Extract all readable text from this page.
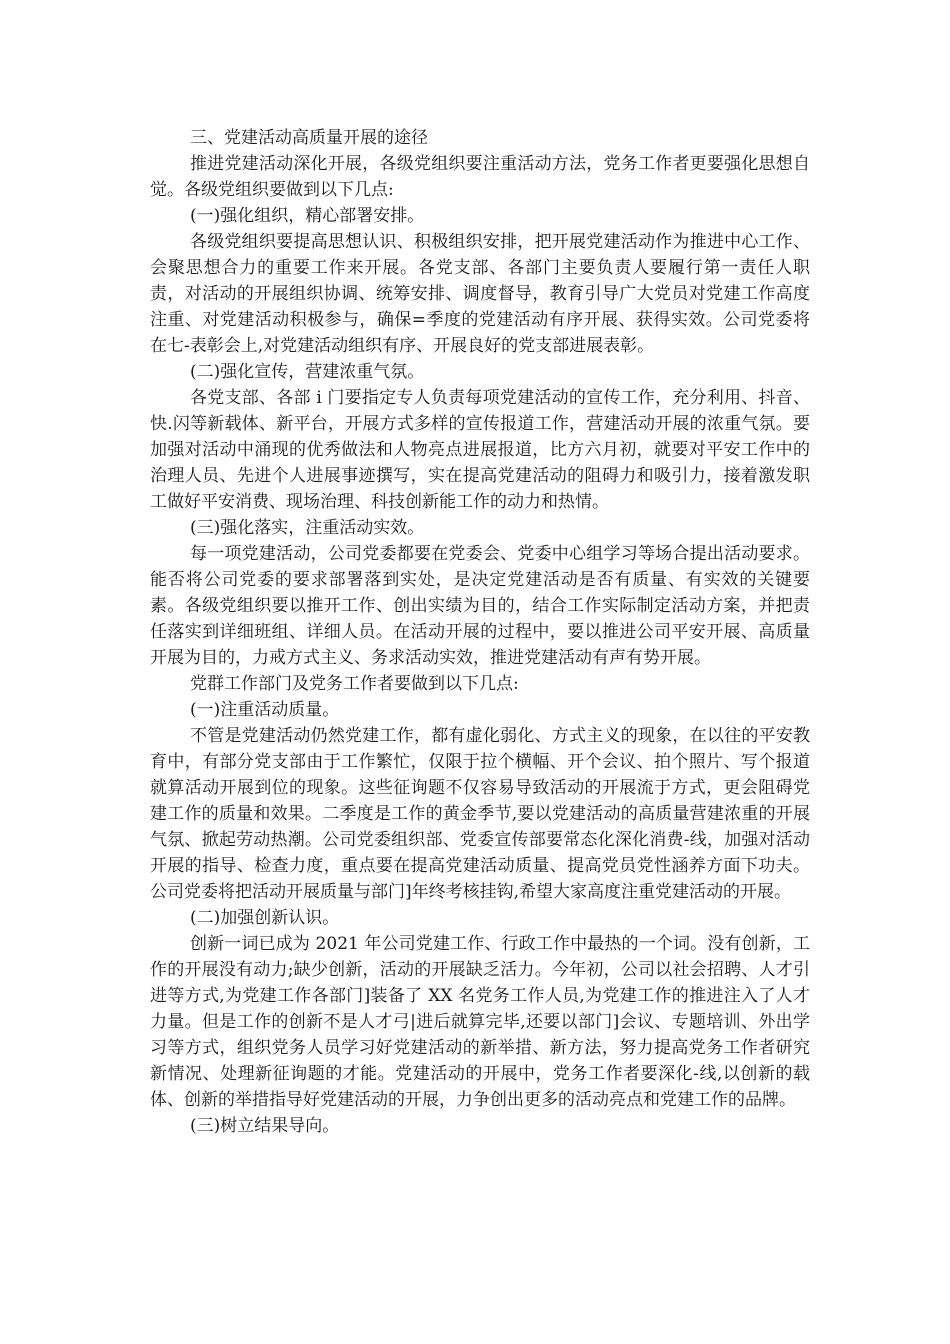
三、党建活动高质量开展的途径

推进党建活动深化开展，各级党组织要注重活动方法，党务工作者更要强化思想自觉。各级党组织要做到以下几点:

(一)强化组织，精心部署安排。

各级党组织要提高思想认识、积极组织安排，把开展党建活动作为推进中心工作、会聚思想合力的重要工作来开展。各党支部、各部门主要负责人要履行第一责任人职责，对活动的开展组织协调、统筹安排、调度督导，教育引导广大党员对党建工作高度注重、对党建活动积极参与，确保=季度的党建活动有序开展、获得实效。公司党委将在七-表彰会上,对党建活动组织有序、开展良好的党支部进展表彰。

(二)强化宣传，营建浓重气氛。

各党支部、各部 i 门要指定专人负责每项党建活动的宣传工作，充分利用、抖音、快.闪等新载体、新平台，开展方式多样的宣传报道工作，营建活动开展的浓重气氛。要加强对活动中涌现的优秀做法和人物亮点进展报道，比方六月初，就要对平安工作中的治理人员、先进个人进展事迹撰写，实在提高党建活动的阻碍力和吸引力，接着激发职工做好平安消费、现场治理、科技创新能工作的动力和热情。

(三)强化落实，注重活动实效。

每一项党建活动，公司党委都要在党委会、党委中心组学习等场合提出活动要求。能否将公司党委的要求部署落到实处，是决定党建活动是否有质量、有实效的关键要素。各级党组织要以推开工作、创出实绩为目的，结合工作实际制定活动方案，并把责任落实到详细班组、详细人员。在活动开展的过程中，要以推进公司平安开展、高质量开展为目的，力戒方式主义、务求活动实效，推进党建活动有声有势开展。

党群工作部门及党务工作者要做到以下几点:

(一)注重活动质量。

不管是党建活动仍然党建工作，都有虚化弱化、方式主义的现象，在以往的平安教育中，有部分党支部由于工作繁忙，仅限于拉个横幅、开个会议、拍个照片、写个报道就算活动开展到位的现象。这些征询题不仅容易导致活动的开展流于方式，更会阻碍党建工作的质量和效果。二季度是工作的黄金季节,要以党建活动的高质量营建浓重的开展气氛、掀起劳动热潮。公司党委组织部、党委宣传部要常态化深化消费-线，加强对活动开展的指导、检查力度，重点要在提高党建活动质量、提高党员党性涵养方面下功夫。公司党委将把活动开展质量与部门]年终考核挂钩,希望大家高度注重党建活动的开展。

(二)加强创新认识。

创新一词已成为 2021 年公司党建工作、行政工作中最热的一个词。没有创新，工作的开展没有动力;缺少创新，活动的开展缺乏活力。今年初，公司以社会招聘、人才引进等方式,为党建工作各部门]装备了 XX 名党务工作人员,为党建工作的推进注入了人才力量。但是工作的创新不是人才弓|进后就算完毕,还要以部门]会议、专题培训、外出学习等方式，组织党务人员学习好党建活动的新举措、新方法，努力提高党务工作者研究新情况、处理新征询题的才能。党建活动的开展中，党务工作者要深化-线,以创新的载体、创新的举措指导好党建活动的开展，力争创出更多的活动亮点和党建工作的品牌。

(三)树立结果导向。
